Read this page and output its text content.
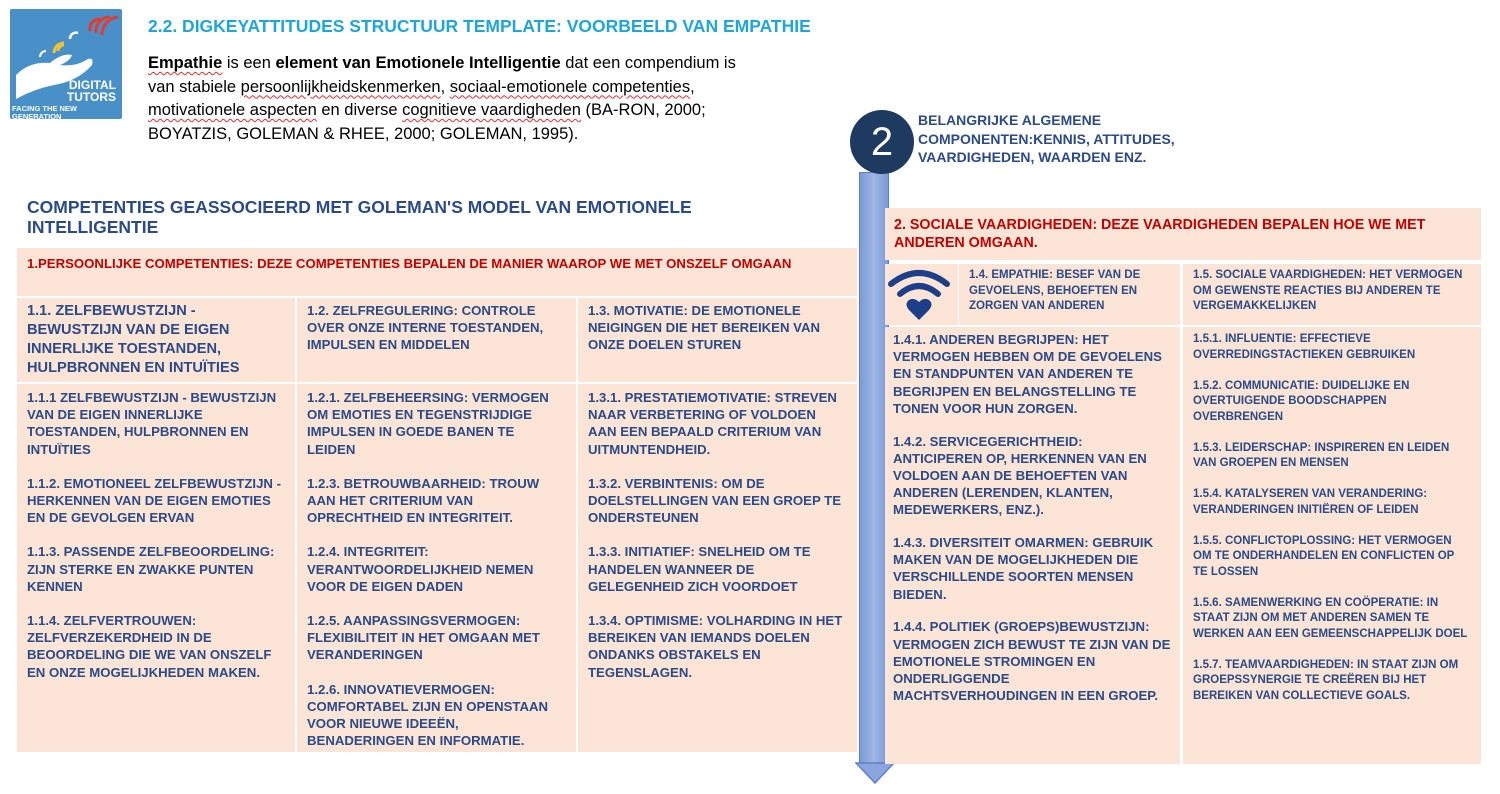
DIGITAL
TUTORS
FACING THE NEW
GENERATION
2.2. DIGKEYATTITUDES STRUCTUUR TEMPLATE: VOORBEELD VAN EMPATHIE
Empathie is een element van Emotionele Intelligentie dat een compendium is
van stabiele persoonlijkheidskenmerken, sociaal-emotionele competenties,
motivationele aspecten en diverse cognitieve vaardigheden (BA-RON, 2000;
BOYATZIS, GOLEMAN & RHEE, 2000; GOLEMAN, 1995).
COMPETENTIES GEASSOCIEERD MET GOLEMAN'S MODEL VAN EMOTIONELE INTELLIGENTIE
1.PERSOONLIJKE COMPETENTIES: DEZE COMPETENTIES BEPALEN DE MANIER WAAROP WE MET ONSZELF OMGAAN
1.1. ZELFBEWUSTZIJN - BEWUSTZIJN VAN DE EIGEN INNERLIJKE TOESTANDEN, HULPBRONNEN EN INTUÏTIES
1.2. ZELFREGULERING: CONTROLE OVER ONZE INTERNE TOESTANDEN, IMPULSEN EN MIDDELEN
1.3. MOTIVATIE: DE EMOTIONELE NEIGINGEN DIE HET BEREIKEN VAN ONZE DOELEN STUREN

1.1.1 ZELFBEWUSTZIJN - BEWUSTZIJN VAN DE EIGEN INNERLIJKE TOESTANDEN, HULPBRONNEN EN INTUÏTIES

1.1.2. EMOTIONEEL ZELFBEWUSTZIJN - HERKENNEN VAN DE EIGEN EMOTIES EN DE GEVOLGEN ERVAN

1.1.3. PASSENDE ZELFBEOORDELING: ZIJN STERKE EN ZWAKKE PUNTEN KENNEN

1.1.4. ZELFVERTROUWEN: ZELFVERZEKERDHEID IN DE BEOORDELING DIE WE VAN ONSZELF EN ONZE MOGELIJKHEDEN MAKEN.

1.2.1. ZELFBEHEERSING: VERMOGEN OM EMOTIES EN TEGENSTRIJDIGE IMPULSEN IN GOEDE BANEN TE LEIDEN

1.2.3. BETROUWBAARHEID: TROUW AAN HET CRITERIUM VAN OPRECHTHEID EN INTEGRITEIT.

1.2.4. INTEGRITEIT: VERANTWOORDELIJKHEID NEMEN VOOR DE EIGEN DADEN

1.2.5. AANPASSINGSVERMOGEN: FLEXIBILITEIT IN HET OMGAAN MET VERANDERINGEN

1.2.6. INNOVATIEVERMOGEN: COMFORTABEL ZIJN EN OPENSTAAN VOOR NIEUWE IDEEËN, BENADERINGEN EN INFORMATIE.

1.3.1. PRESTATIEMOTIVATIE: STREVEN NAAR VERBETERING OF VOLDOEN AAN EEN BEPAALD CRITERIUM VAN UITMUNTENDHEID.

1.3.2. VERBINTENIS: OM DE DOELSTELLINGEN VAN EEN GROEP TE ONDERSTEUNEN

1.3.3. INITIATIEF: SNELHEID OM TE HANDELEN WANNEER DE GELEGENHEID ZICH VOORDOET

1.3.4. OPTIMISME: VOLHARDING IN HET BEREIKEN VAN IEMANDS DOELEN ONDANKS OBSTAKELS EN TEGENSLAGEN.

2	BELANGRIJKE ALGEMENE COMPONENTEN:KENNIS, ATTITUDES, VAARDIGHEDEN, WAARDEN ENZ.
2. SOCIALE VAARDIGHEDEN: DEZE VAARDIGHEDEN BEPALEN HOE WE MET ANDEREN OMGAAN.
1.4. EMPATHIE: BESEF VAN DE GEVOELENS, BEHOEFTEN EN ZORGEN VAN ANDEREN
1.5. SOCIALE VAARDIGHEDEN: HET VERMOGEN OM GEWENSTE REACTIES BIJ ANDEREN TE VERGEMAKKELIJKEN

1.4.1. ANDEREN BEGRIJPEN: HET VERMOGEN HEBBEN OM DE GEVOELENS EN STANDPUNTEN VAN ANDEREN TE BEGRIJPEN EN BELANGSTELLING TE TONEN VOOR HUN ZORGEN.

1.4.2. SERVICEGERICHTHEID: ANTICIPEREN OP, HERKENNEN VAN EN VOLDOEN AAN DE BEHOEFTEN VAN ANDEREN (LERENDEN, KLANTEN, MEDEWERKERS, ENZ.).

1.4.3. DIVERSITEIT OMARMEN: GEBRUIK MAKEN VAN DE MOGELIJKHEDEN DIE VERSCHILLENDE SOORTEN MENSEN BIEDEN.

1.4.4. POLITIEK (GROEPS)BEWUSTZIJN: VERMOGEN ZICH BEWUST TE ZIJN VAN DE EMOTIONELE STROMINGEN EN ONDERLIGGENDE MACHTSVERHOUDINGEN IN EEN GROEP.

1.5.1. INFLUENTIE: EFFECTIEVE OVERREDINGSTACTIEKEN GEBRUIKEN

1.5.2. COMMUNICATIE: DUIDELIJKE EN OVERTUIGENDE BOODSCHAPPEN OVERBRENGEN

1.5.3. LEIDERSCHAP: INSPIREREN EN LEIDEN VAN GROEPEN EN MENSEN

1.5.4. KATALYSEREN VAN VERANDERING: VERANDERINGEN INITIËREN OF LEIDEN

1.5.5. CONFLICTOPLOSSING: HET VERMOGEN OM TE ONDERHANDELEN EN CONFLICTEN OP TE LOSSEN

1.5.6. SAMENWERKING EN COÖPERATIE: IN STAAT ZIJN OM MET ANDEREN SAMEN TE WERKEN AAN EEN GEMEENSCHAPPELIJK DOEL

1.5.7. TEAMVAARDIGHEDEN: IN STAAT ZIJN OM GROEPSSYNERGIE TE CREËREN BIJ HET BEREIKEN VAN COLLECTIEVE GOALS.
